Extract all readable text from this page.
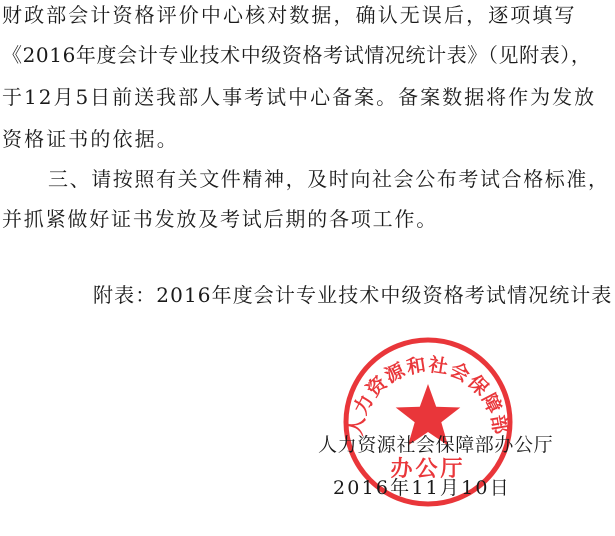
财政部会计资格评价中心核对数据，确认无误后，逐项填写
《2016年度会计专业技术中级资格考试情况统计表》（见附表），
于12月5日前送我部人事考试中心备案。备案数据将作为发放
资格证书的依据。
三、请按照有关文件精神，及时向社会公布考试合格标准，
并抓紧做好证书发放及考试后期的各项工作。
附表：2016年度会计专业技术中级资格考试情况统计表
人力资源和社会保障部
办公厅
人力资源社会保障部办公厅
2016年11月10日
